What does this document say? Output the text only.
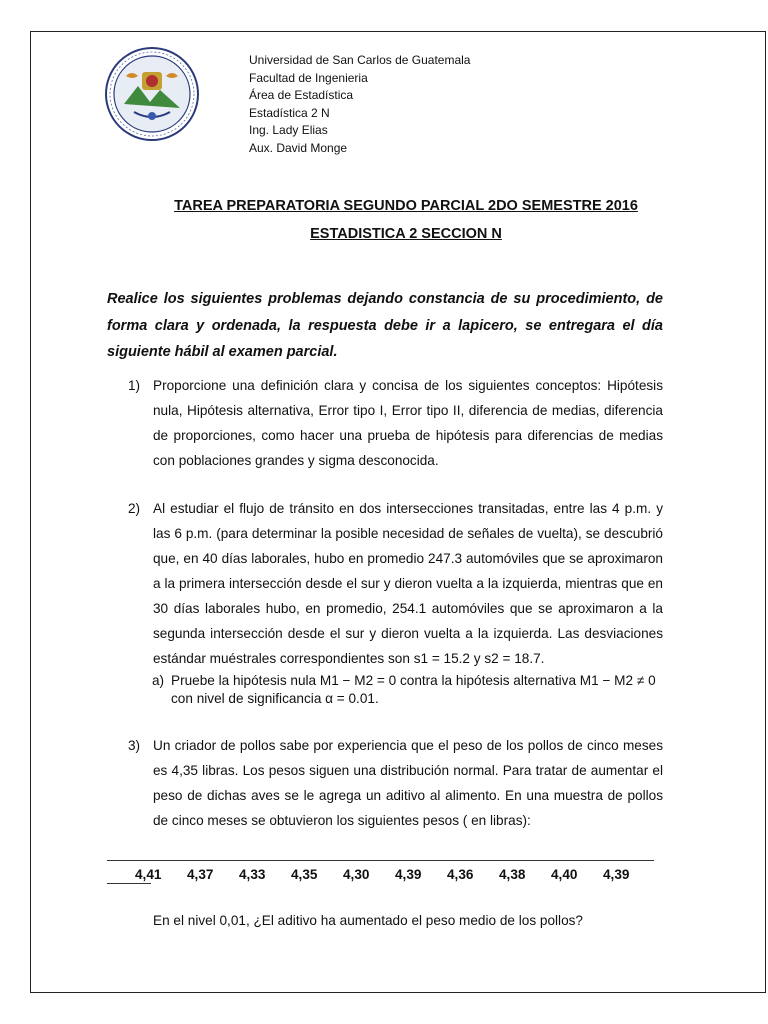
Universidad de San Carlos de Guatemala
Facultad de Ingenieria
Área de Estadística
Estadística 2 N
Ing. Lady Elias
Aux. David Monge
TAREA PREPARATORIA SEGUNDO PARCIAL 2DO SEMESTRE 2016
ESTADISTICA 2 SECCION N
Realice los siguientes problemas dejando constancia de su procedimiento, de forma clara y ordenada, la respuesta debe ir a lapicero, se entregara el día siguiente hábil al examen parcial.
1) Proporcione una definición clara y concisa de los siguientes conceptos: Hipótesis nula, Hipótesis alternativa, Error tipo I, Error tipo II, diferencia de medias, diferencia de proporciones, como hacer una prueba de hipótesis para diferencias de medias con poblaciones grandes y sigma desconocida.
2) Al estudiar el flujo de tránsito en dos intersecciones transitadas, entre las 4 p.m. y las 6 p.m. (para determinar la posible necesidad de señales de vuelta), se descubrió que, en 40 días laborales, hubo en promedio 247.3 automóviles que se aproximaron a la primera intersección desde el sur y dieron vuelta a la izquierda, mientras que en 30 días laborales hubo, en promedio, 254.1 automóviles que se aproximaron a la segunda intersección desde el sur y dieron vuelta a la izquierda. Las desviaciones estándar muéstrales correspondientes son s1 = 15.2 y s2 = 18.7.
a) Pruebe la hipótesis nula M1 − M2 = 0 contra la hipótesis alternativa M1 − M2 ≠ 0 con nivel de significancia α = 0.01.
3) Un criador de pollos sabe por experiencia que el peso de los pollos de cinco meses es 4,35 libras. Los pesos siguen una distribución normal. Para tratar de aumentar el peso de dichas aves se le agrega un aditivo al alimento. En una muestra de pollos de cinco meses se obtuvieron los siguientes pesos ( en libras):
4,41	4,37	4,33	4,35	4,30	4,39	4,36	4,38	4,40	4,39
En el nivel 0,01, ¿El aditivo ha aumentado el peso medio de los pollos?
